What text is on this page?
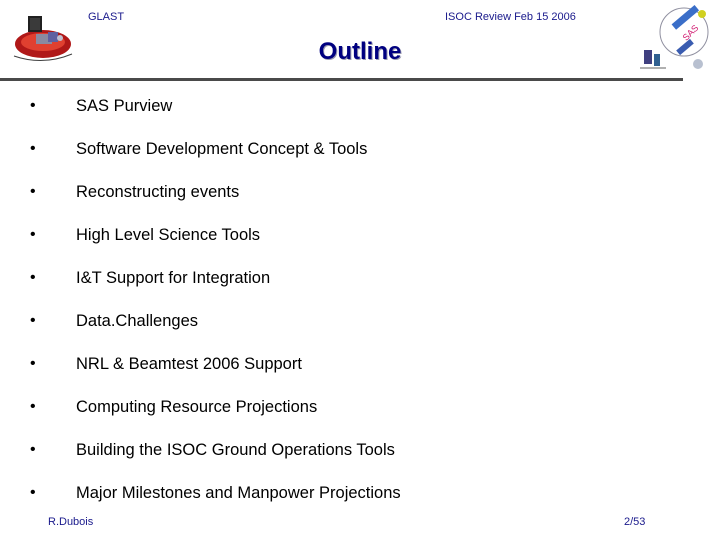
GLAST	ISOC Review Feb 15 2006
SAS
Outline
• SAS Purview
• Software Development Concept & Tools
• Reconstructing events
• High Level Science Tools
• I&T Support for Integration
• Data.Challenges
• NRL & Beamtest 2006 Support
• Computing Resource Projections
• Building the ISOC Ground Operations Tools
• Major Milestones and Manpower Projections
R.Dubois	2/53
